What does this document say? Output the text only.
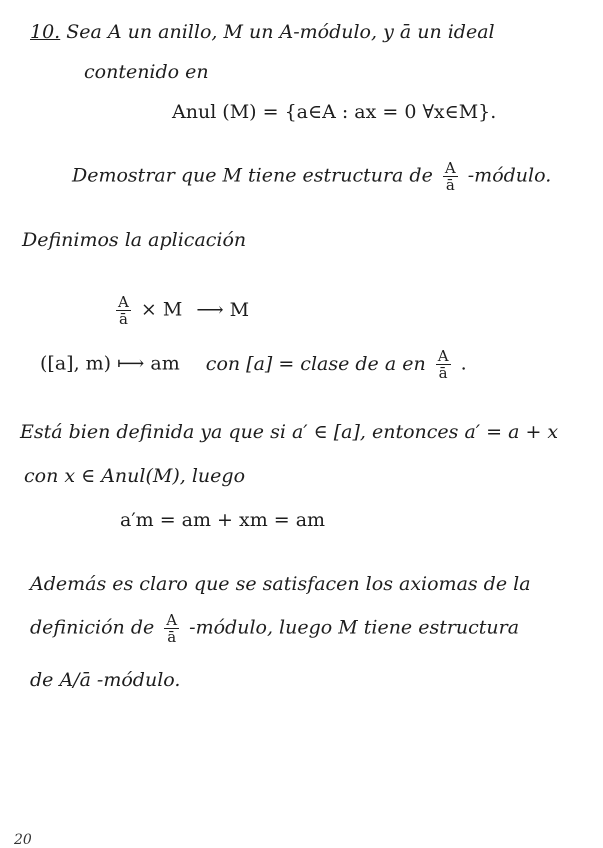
10. Sea A un anillo, M un A-módulo, y ā un ideal
contenido en
Anul (M) = {a∈A : ax = 0 ∀x∈M}.
Demostrar que M tiene estructura de $\frac{A}{ā}$ -módulo.
Definimos la aplicación
$\frac{A}{ā} \times M$ ⟶ M
([a], m) ⟼ am con [a] = clase de a en $\frac{A}{ā}$ .
Está bien definida ya que si a′ ∈ [a], entonces a′ = a + x
con x ∈ Anul(M), luego
a′m = am + xm = am
Además es claro que se satisfacen los axiomas de la
definición de $\frac{A}{ā}$ -módulo, luego M tiene estructura
de A/ā -módulo.
20
